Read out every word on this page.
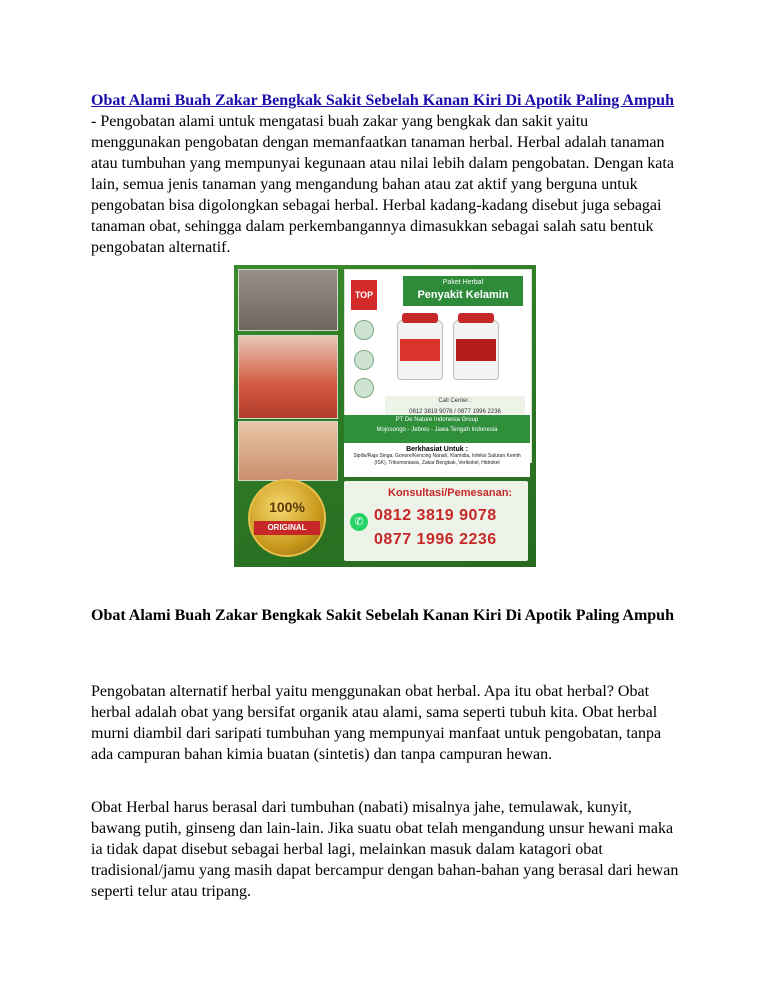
Obat Alami Buah Zakar Bengkak Sakit Sebelah Kanan Kiri Di Apotik Paling Ampuh - Pengobatan alami untuk mengatasi buah zakar yang bengkak dan sakit yaitu menggunakan pengobatan dengan memanfaatkan tanaman herbal. Herbal adalah tanaman atau tumbuhan yang mempunyai kegunaan atau nilai lebih dalam pengobatan. Dengan kata lain, semua jenis tanaman yang mengandung bahan atau zat aktif yang berguna untuk pengobatan bisa digolongkan sebagai herbal. Herbal kadang-kadang disebut juga sebagai tanaman obat, sehingga dalam perkembangannya dimasukkan sebagai salah satu bentuk pengobatan alternatif.

TOP
Paket Herbal
Penyakit Kelamin
Call Center :
0812 3819 9078 / 0877 1996 2236
PT De Nature Indonesia Group
Mojosongo - Jebres - Jawa Tengah Indonesia
Berkhasiat Untuk :
Sipilis/Raja Singa, Gonore/Kencing Nanah, Klamidia, Infeksi Saluran Kemih (ISK), Trikomoniasis, Zakar Bengkak, Verikokel, Hidrokel
100%
ORIGINAL
Konsultasi/Pemesanan:
✆ 0812 3819 9078
0877 1996 2236
Obat Alami Buah Zakar Bengkak Sakit Sebelah Kanan Kiri Di Apotik Paling Ampuh

Pengobatan alternatif herbal yaitu menggunakan obat herbal. Apa itu obat herbal? Obat herbal adalah obat yang bersifat organik atau alami, sama seperti tubuh kita. Obat herbal murni diambil dari saripati tumbuhan yang mempunyai manfaat untuk pengobatan, tanpa ada campuran bahan kimia buatan (sintetis) dan tanpa campuran hewan.

Obat Herbal harus berasal dari tumbuhan (nabati) misalnya jahe, temulawak, kunyit, bawang putih, ginseng dan lain-lain. Jika suatu obat telah mengandung unsur hewani maka ia tidak dapat disebut sebagai herbal lagi, melainkan masuk dalam katagori obat tradisional/jamu yang masih dapat bercampur dengan bahan-bahan yang berasal dari hewan seperti telur atau tripang.
